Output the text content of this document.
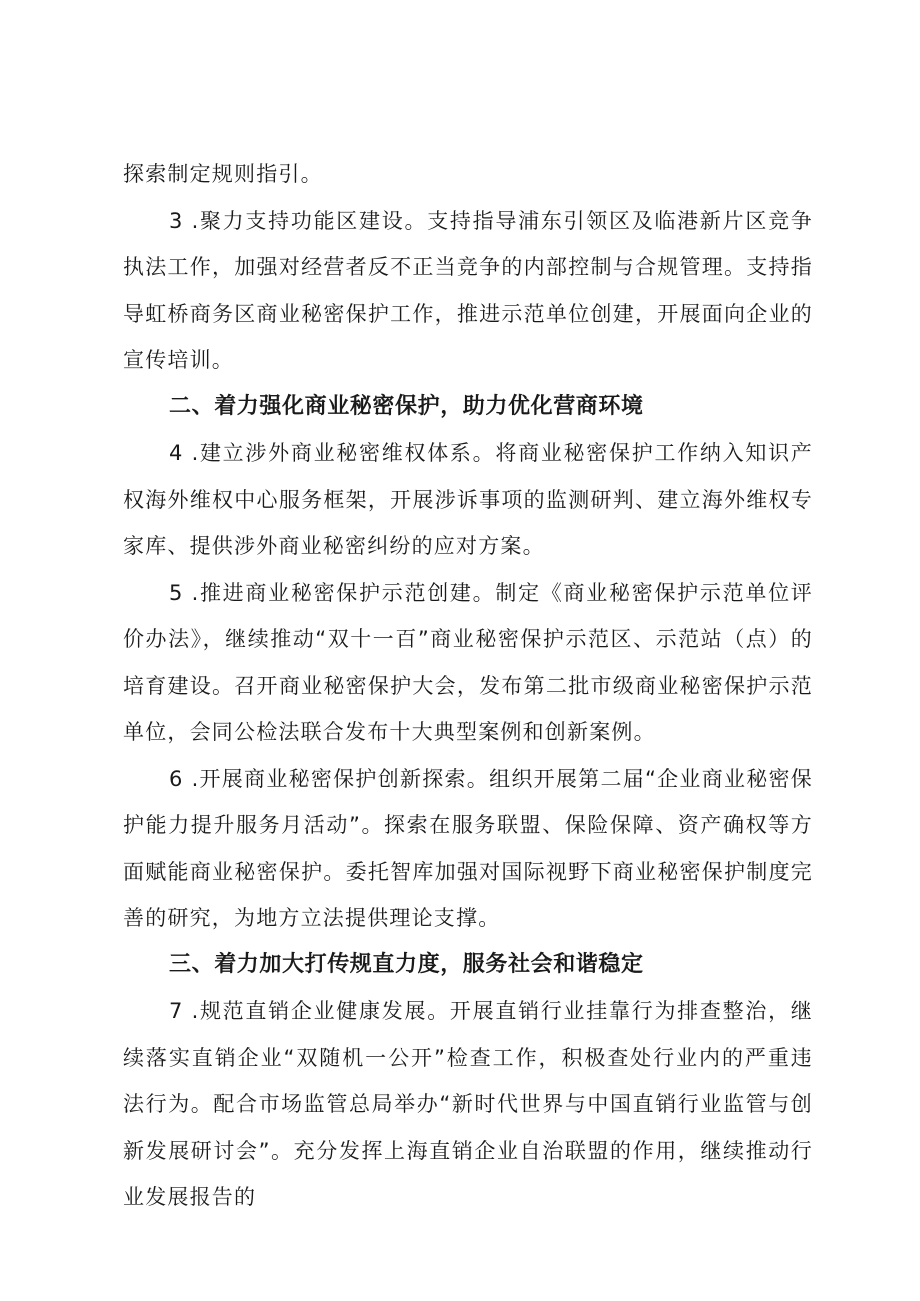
探索制定规则指引。

3 .聚力支持功能区建设。支持指导浦东引领区及临港新片区竞争执法工作，加强对经营者反不正当竞争的内部控制与合规管理。支持指导虹桥商务区商业秘密保护工作，推进示范单位创建，开展面向企业的宣传培训。

二、着力强化商业秘密保护，助力优化营商环境

4 .建立涉外商业秘密维权体系。将商业秘密保护工作纳入知识产权海外维权中心服务框架，开展涉诉事项的监测研判、建立海外维权专家库、提供涉外商业秘密纠纷的应对方案。

5 .推进商业秘密保护示范创建。制定《商业秘密保护示范单位评价办法》，继续推动“双十一百”商业秘密保护示范区、示范站（点）的培育建设。召开商业秘密保护大会，发布第二批市级商业秘密保护示范单位，会同公检法联合发布十大典型案例和创新案例。

6 .开展商业秘密保护创新探索。组织开展第二届“企业商业秘密保护能力提升服务月活动”。探索在服务联盟、保险保障、资产确权等方面赋能商业秘密保护。委托智库加强对国际视野下商业秘密保护制度完善的研究，为地方立法提供理论支撑。

三、着力加大打传规直力度，服务社会和谐稳定

7 .规范直销企业健康发展。开展直销行业挂靠行为排查整治，继续落实直销企业“双随机一公开”检查工作，积极查处行业内的严重违法行为。配合市场监管总局举办“新时代世界与中国直销行业监管与创新发展研讨会”。充分发挥上海直销企业自治联盟的作用，继续推动行业发展报告的
